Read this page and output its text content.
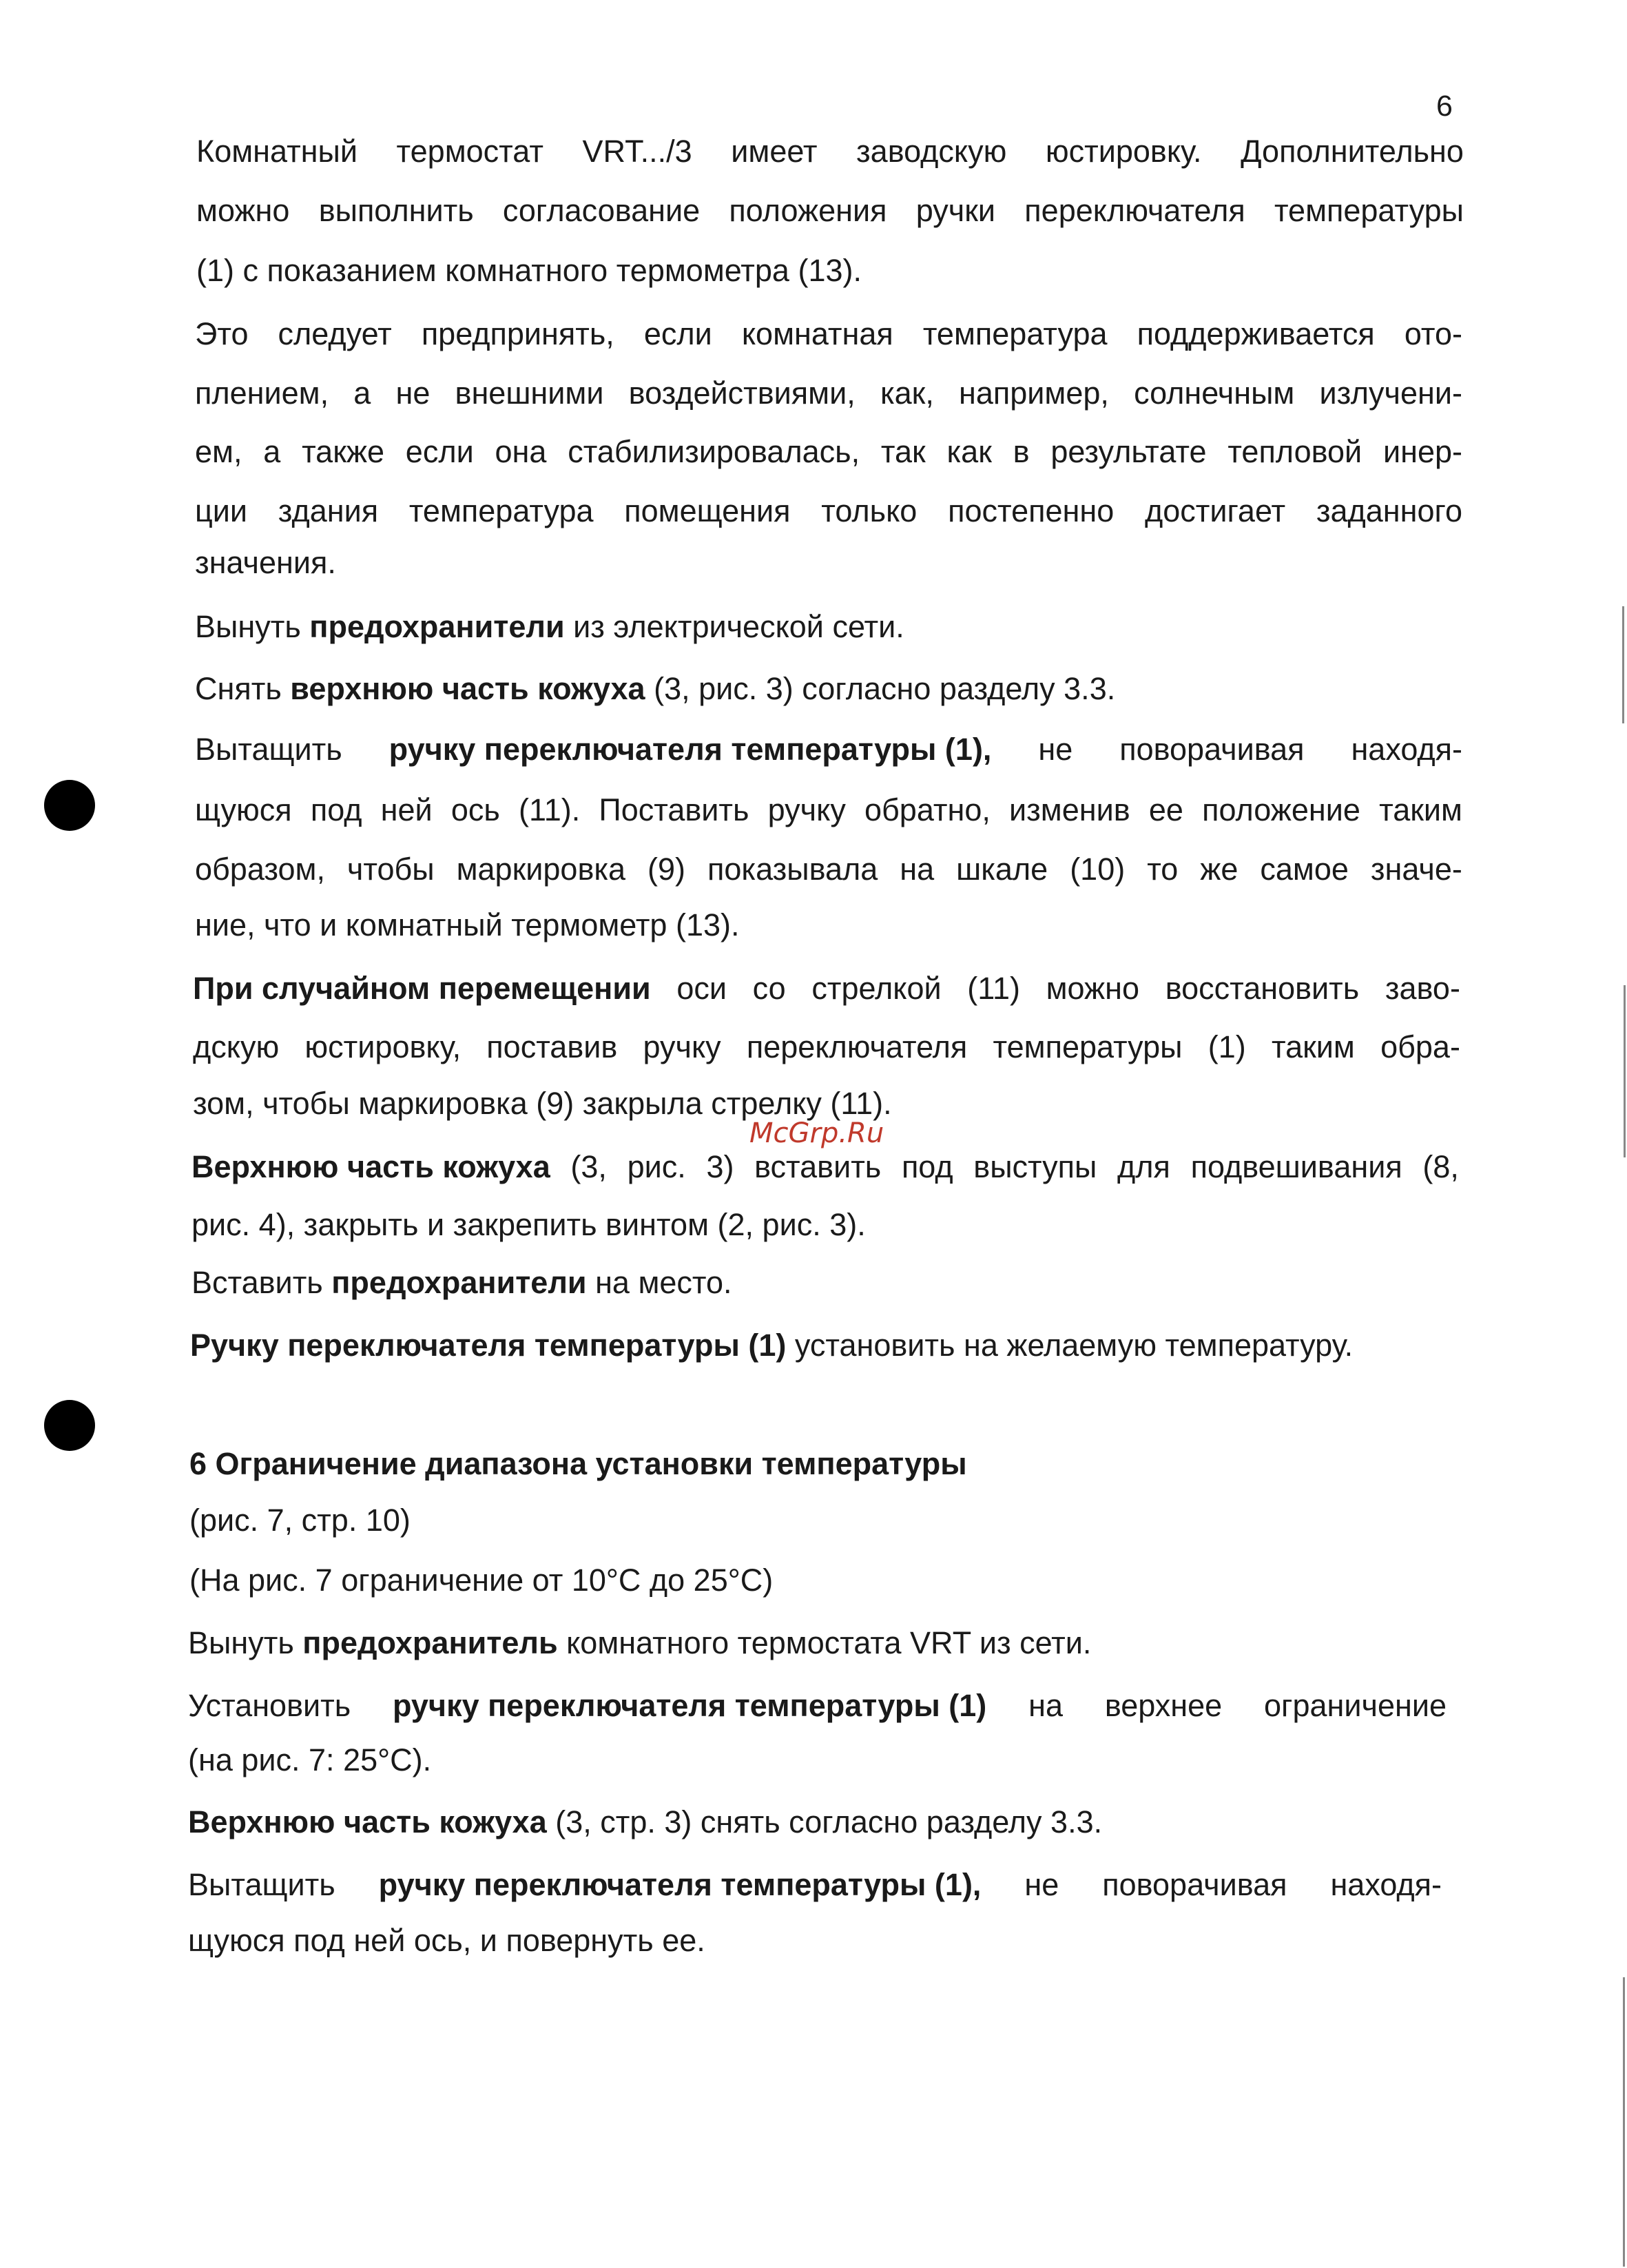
6
Комнатный термостат VRT.../3 имеет заводскую юстировку. Дополнительно
можно выполнить согласование положения ручки переключателя температуры
(1) с показанием комнатного термометра (13).
Это следует предпринять, если комнатная температура поддерживается ото-
плением, а не внешними воздействиями, как, например, солнечным излучени-
ем, а также если она стабилизировалась, так как в результате тепловой инер-
ции здания температура помещения только постепенно достигает заданного
значения.
Вынуть предохранители из электрической сети.
Снять верхнюю часть кожуха (3, рис. 3) согласно разделу 3.3.
Вытащить ручку переключателя температуры (1), не поворачивая находя-
щуюся под ней ось (11). Поставить ручку обратно, изменив ее положение таким
образом, чтобы маркировка (9) показывала на шкале (10) то же самое значе-
ние, что и комнатный термометр (13).
При случайном перемещении оси со стрелкой (11) можно восстановить заво-
дскую юстировку, поставив ручку переключателя температуры (1) таким обра-
зом, чтобы маркировка (9) закрыла стрелку (11).
McGrp.Ru
Верхнюю часть кожуха (3, рис. 3) вставить под выступы для подвешивания (8,
рис. 4), закрыть и закрепить винтом (2, рис. 3).
Вставить предохранители на место.
Ручку переключателя температуры (1) установить на желаемую температуру.
6 Ограничение диапазона установки температуры
(рис. 7, стр. 10)
(На рис. 7 ограничение от 10°С до 25°С)
Вынуть предохранитель комнатного термостата VRT из сети.
Установить ручку переключателя температуры (1) на верхнее ограничение
(на рис. 7: 25°С).
Верхнюю часть кожуха (3, стр. 3) снять согласно разделу 3.3.
Вытащить ручку переключателя температуры (1), не поворачивая находя-
щуюся под ней ось, и повернуть ее.
